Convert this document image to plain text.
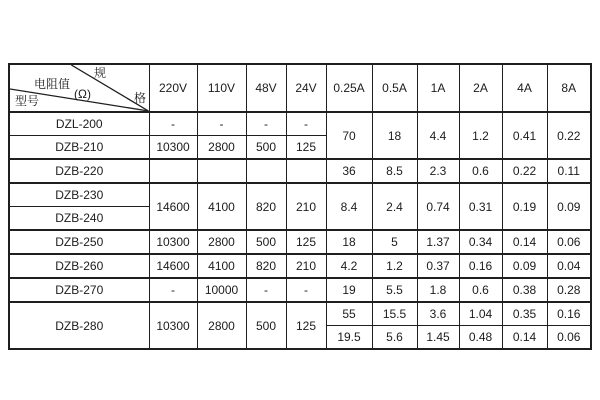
规
格
电阻值
(Ω)
型号	220V	110V	48V	24V	0.25A	0.5A	1A	2A	4A	8A
DZL-200	-	-	-	-	70	18	4.4	1.2	0.41	0.22
DZB-210	10300	2800	500	125						
DZB-220					36	8.5	2.3	0.6	0.22	0.11
DZB-230	14600	4100	820	210	8.4	2.4	0.74	0.31	0.19	0.09
DZB-240										
DZB-250	10300	2800	500	125	18	5	1.37	0.34	0.14	0.06
DZB-260	14600	4100	820	210	4.2	1.2	0.37	0.16	0.09	0.04
DZB-270	-	10000	-	-	19	5.5	1.8	0.6	0.38	0.28
DZB-280	10300	2800	500	125	55	15.5	3.6	1.04	0.35	0.16
					19.5	5.6	1.45	0.48	0.14	0.06
